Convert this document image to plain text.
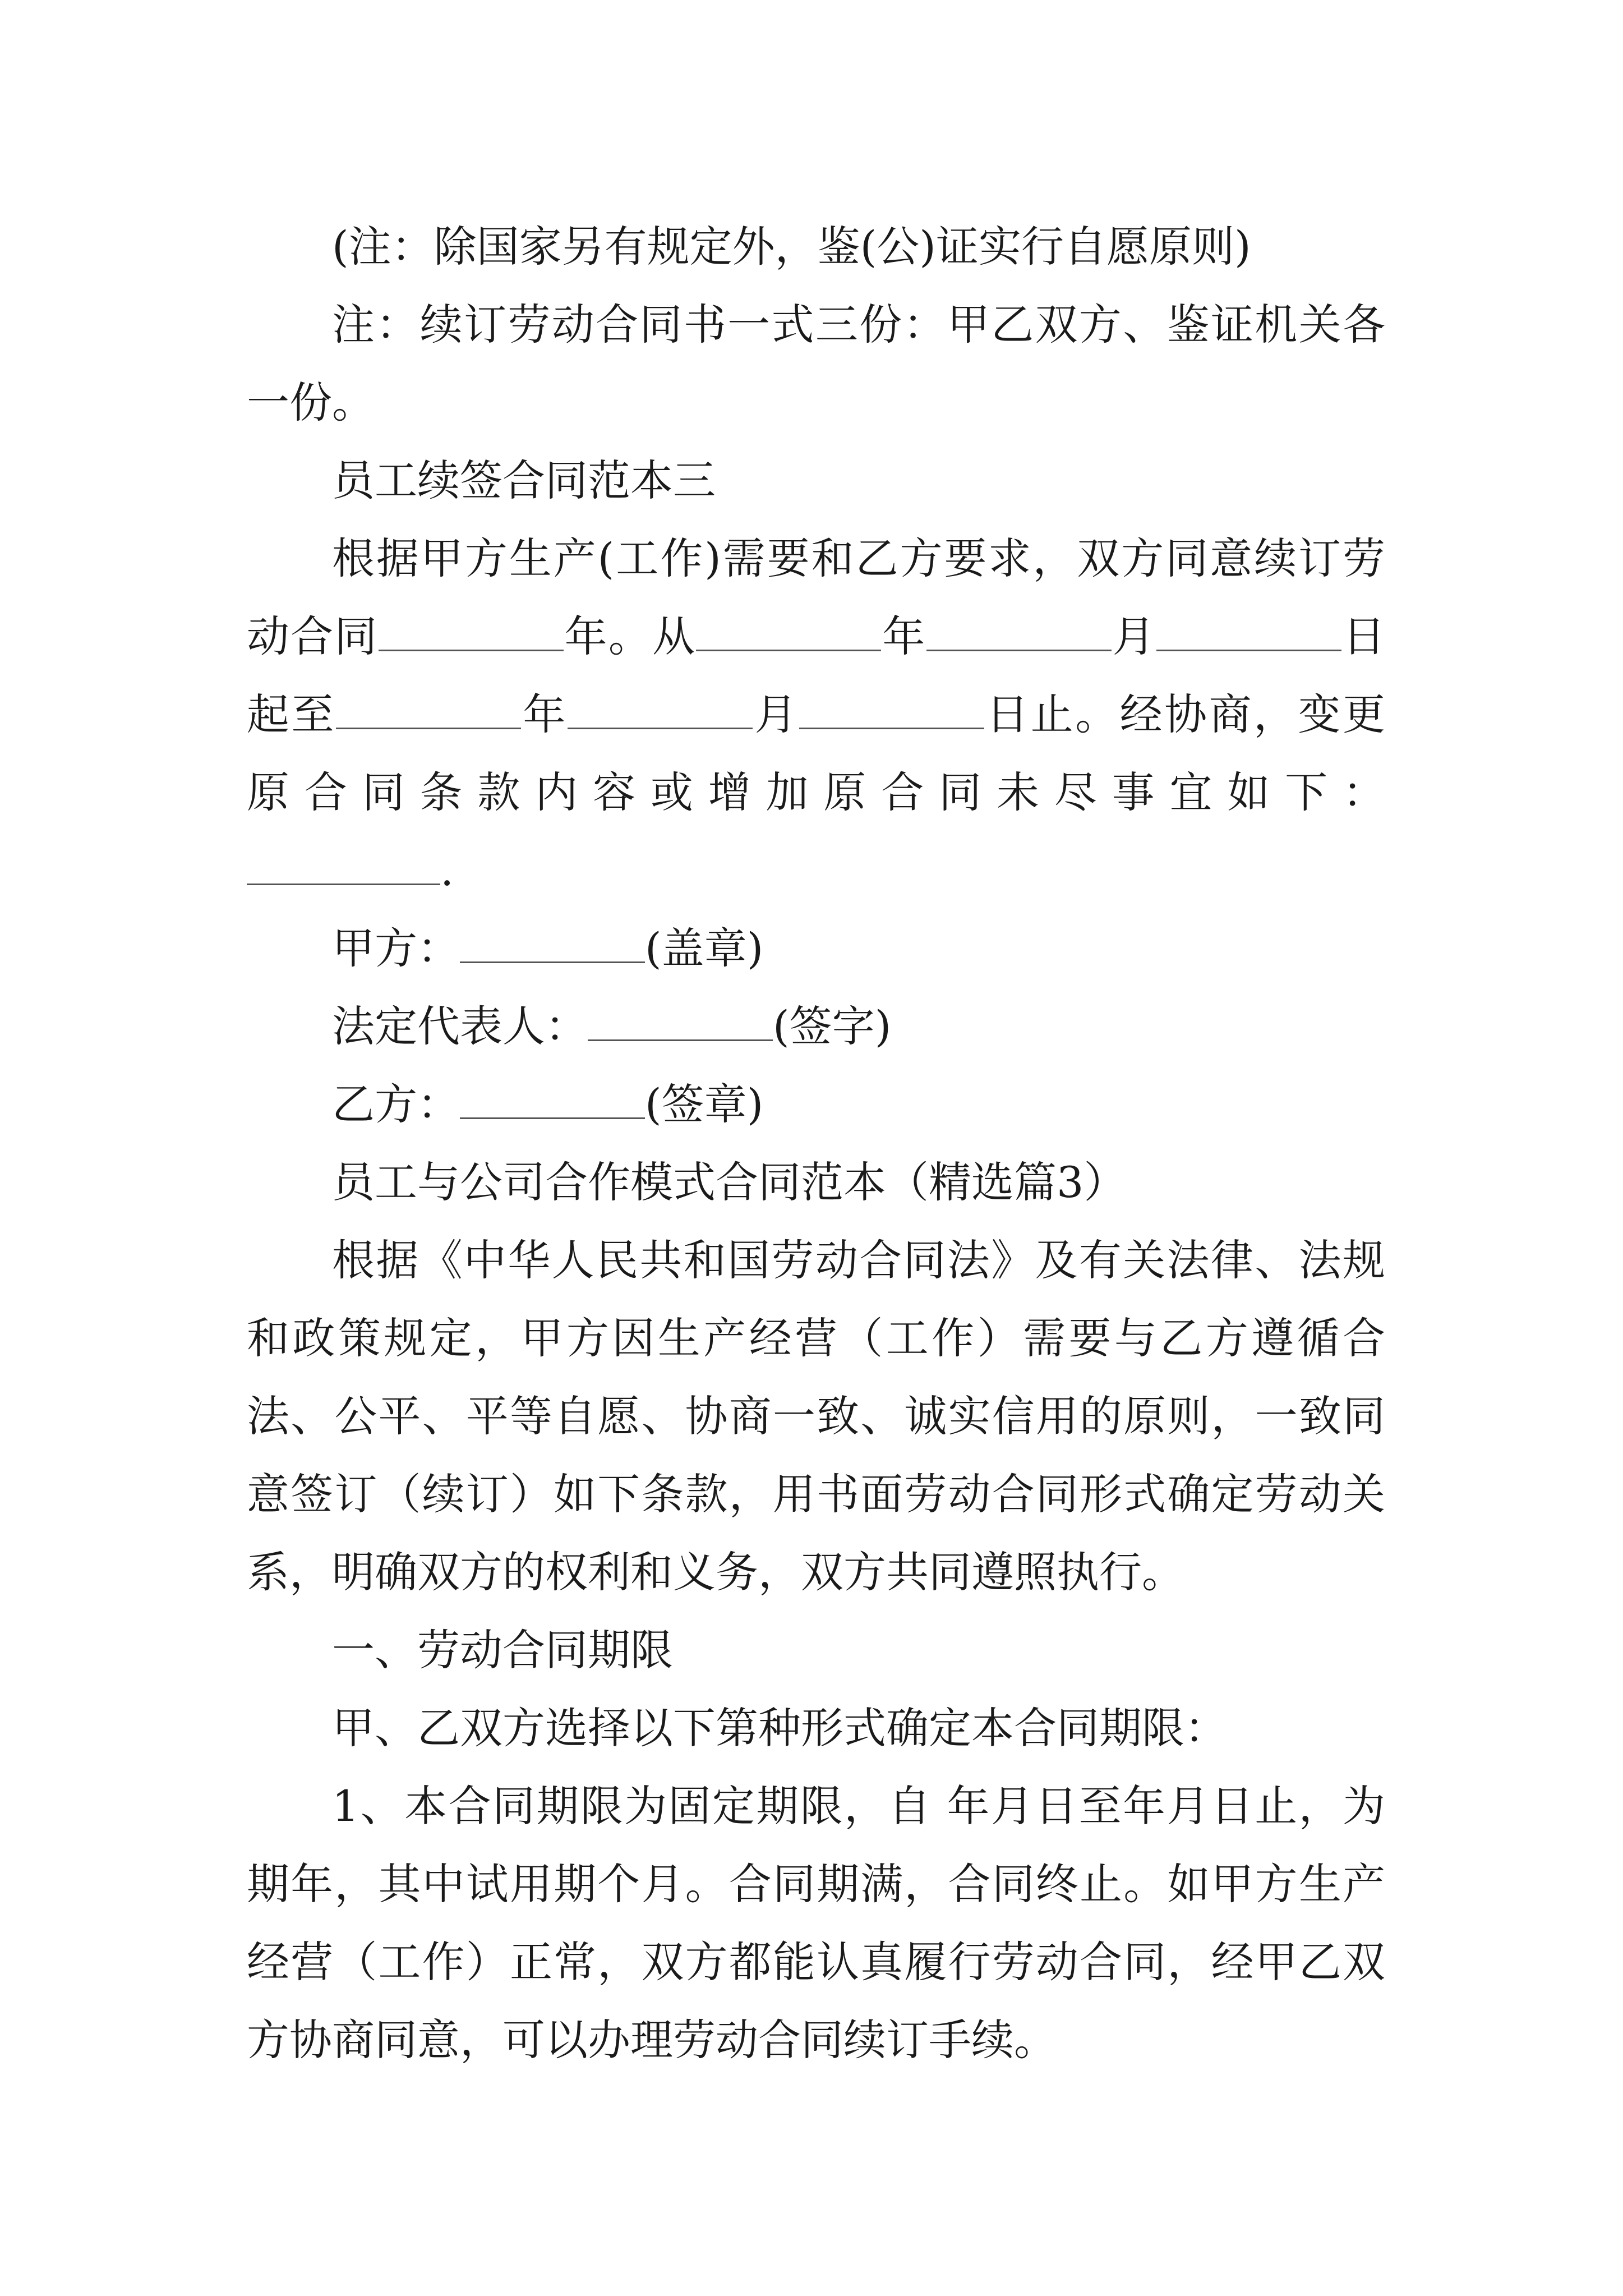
(注：除国家另有规定外，鉴(公)证实行自愿原则)

注：续订劳动合同书一式三份：甲乙双方、鉴证机关各一份。

员工续签合同范本三

根据甲方生产(工作)需要和乙方要求，双方同意续订劳动合同	年。从	年	月	日起至	年	月	日止。经协商，变更原合同条款内容或增加原合同未尽事宜如下：

.

甲方：	(盖章)

法定代表人：	(签字)

乙方：	(签章)

员工与公司合作模式合同范本（精选篇3）

根据《中华人民共和国劳动合同法》及有关法律、法规和政策规定，甲方因生产经营（工作）需要与乙方遵循合法、公平、平等自愿、协商一致、诚实信用的原则，一致同意签订（续订）如下条款，用书面劳动合同形式确定劳动关系，明确双方的权利和义务，双方共同遵照执行。

一、劳动合同期限

甲、乙双方选择以下第种形式确定本合同期限：

1、本合同期限为固定期限，自 年月日至年月日止，为期年，其中试用期个月。合同期满，合同终止。如甲方生产经营（工作）正常，双方都能认真履行劳动合同，经甲乙双方协商同意，可以办理劳动合同续订手续。
